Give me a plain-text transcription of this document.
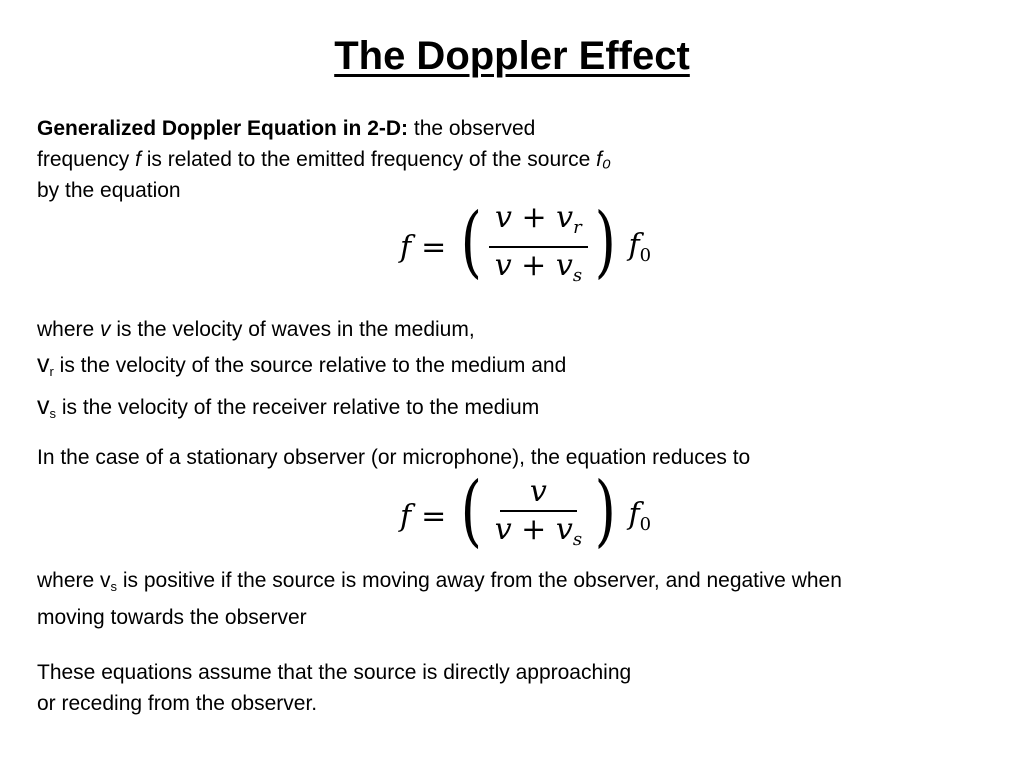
The Doppler Effect
Generalized Doppler Equation in 2-D: the observed
frequency f is related to the emitted frequency of the source f₀
by the equation
f = ( $\frac{v + v_r}{v + v_s}$ ) $f_0$
where v is the velocity of waves in the medium,
$v_r$ is the velocity of the source relative to the medium and
$v_s$ is the velocity of the receiver relative to the medium
In the case of a stationary observer (or microphone), the equation reduces to
f = ( $\frac{v}{v + v_s}$ ) $f_0$
where $v_s$ is positive if the source is moving away from the observer, and negative when
moving towards the observer
These equations assume that the source is directly approaching
or receding from the observer.
